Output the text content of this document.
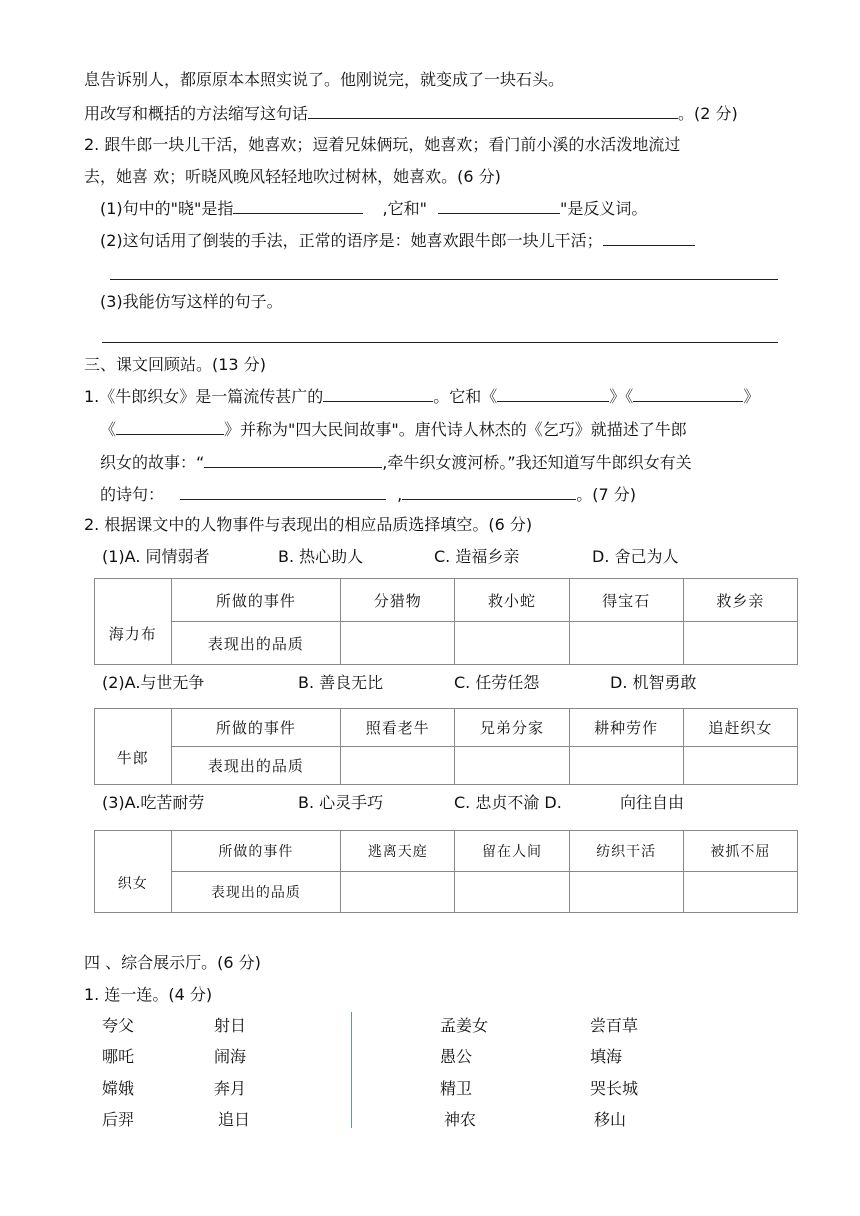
息告诉别人，都原原本本照实说了。他刚说完，就变成了一块石头。
用改写和概括的方法缩写这句话	。(2 分)
2. 跟牛郎一块儿干活，她喜欢；逗着兄妹俩玩，她喜欢；看门前小溪的水活泼地流过
去，她喜 欢；听晓风晚风轻轻地吹过树林，她喜欢。(6 分)
(1)句中的"晓"是指	,它和"	"是反义词。
(2)这句话用了倒装的手法，正常的语序是：她喜欢跟牛郎一块儿干活；
(3)我能仿写这样的句子。
三、课文回顾站。(13 分)
1.《牛郎织女》是一篇流传甚广的	。它和《	》《	》
《	》并称为"四大民间故事"。唐代诗人林杰的《乞巧》就描述了牛郎
织女的故事：“	,牵牛织女渡河桥。”我还知道写牛郎织女有关
的诗句：	,	。(7 分)
2. 根据课文中的人物事件与表现出的相应品质选择填空。(6 分)
(1)A. 同情弱者	B. 热心助人	C. 造福乡亲	D. 舍己为人
海力布	所做的事件	分猎物	救小蛇	得宝石	救乡亲
	表现出的品质				
(2)A.与世无争	B. 善良无比	C. 任劳任怨	D. 机智勇敢
牛郎	所做的事件	照看老牛	兄弟分家	耕种劳作	追赶织女
	表现出的品质				
(3)A.吃苦耐劳	B. 心灵手巧	C. 忠贞不渝 D.	向往自由
织女	所做的事件	逃离天庭	留在人间	纺织干活	被抓不屈
	表现出的品质				
四 、综合展示厅。(6 分)
1. 连一连。(4 分)
夸父
哪吒
嫦娥
后羿
射日
闹海
奔月
追日
孟姜女
愚公
精卫
神农
尝百草
填海
哭长城
移山
